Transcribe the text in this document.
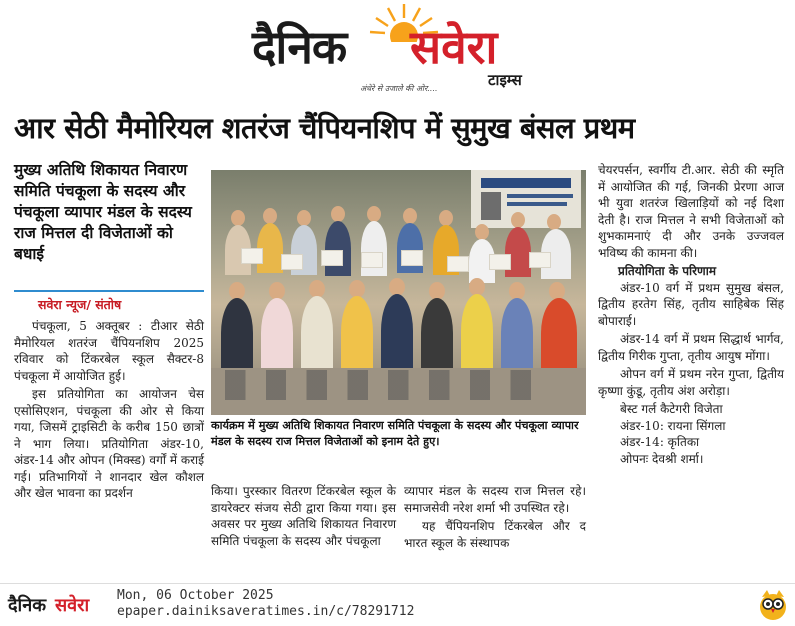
दैनिक सवेरा
टाइम्स
अंधेरे से उजाले की ओर....
आर सेठी मैमोरियल शतरंज चैंपियनशिप में सुमुख बंसल प्रथम
मुख्य अतिथि शिकायत निवारण समिति पंचकूला के सदस्य और पंचकूला व्यापार मंडल के सदस्य राज मित्तल दी विजेताओं को बधाई
सवेरा न्यूज/ संतोष

पंचकूला, 5 अक्तूबर : टीआर सेठी मैमोरियल शतरंज चैंपियनशिप 2025 रविवार को टिंकरबेल स्कूल सैक्टर-8 पंचकूला में आयोजित हुई।

इस प्रतियोगिता का आयोजन चेस एसोसिएशन, पंचकूला की ओर से किया गया, जिसमें ट्राइसिटी के करीब 150 छात्रों ने भाग लिया। प्रतियोगिता अंडर-10, अंडर-14 और ओपन (मिक्स्ड) वर्गों में कराई गई। प्रतिभागियों ने शानदार खेल कौशल और खेल भावना का प्रदर्शन

कार्यक्रम में मुख्य अतिथि शिकायत निवारण समिति पंचकूला के सदस्य और पंचकूला व्यापार मंडल के सदस्य राज मित्तल विजेताओं को इनाम देते हुए।

किया। पुरस्कार वितरण टिंकरबेल स्कूल के डायरेक्टर संजय सेठी द्वारा किया गया। इस अवसर पर मुख्य अतिथि शिकायत निवारण समिति पंचकूला के सदस्य और पंचकूला

व्यापार मंडल के सदस्य राज मित्तल रहे। समाजसेवी नरेश शर्मा भी उपस्थित रहे।

यह चैंपियनशिप टिंकरबेल और द भारत स्कूल के संस्थापक

चेयरपर्सन, स्वर्गीय टी.आर. सेठी की स्मृति में आयोजित की गई, जिनकी प्रेरणा आज भी युवा शतरंज खिलाड़ियों को नई दिशा देती है। राज मित्तल ने सभी विजेताओं को शुभकामनाएं दी और उनके उज्जवल भविष्य की कामना की।

प्रतियोगिता के परिणाम

अंडर-10 वर्ग में प्रथम सुमुख बंसल, द्वितीय हरतेग सिंह, तृतीय साहिबेक सिंह बोपाराई।

अंडर-14 वर्ग में प्रथम सिद्धार्थ भार्गव, द्वितीय गिरीक गुप्ता, तृतीय आयुष मोंगा।

ओपन वर्ग में प्रथम नरेन गुप्ता, द्वितीय कृष्णा कुंडू, तृतीय अंश अरोड़ा।

बेस्ट गर्ल कैटेगरी विजेता

अंडर-10: रायना सिंगला

अंडर-14: कृतिका

ओपनः देवश्री शर्मा।

दैनिक सवेरा Mon, 06 October 2025
epaper.dainiksaveratimes.in/c/78291712
